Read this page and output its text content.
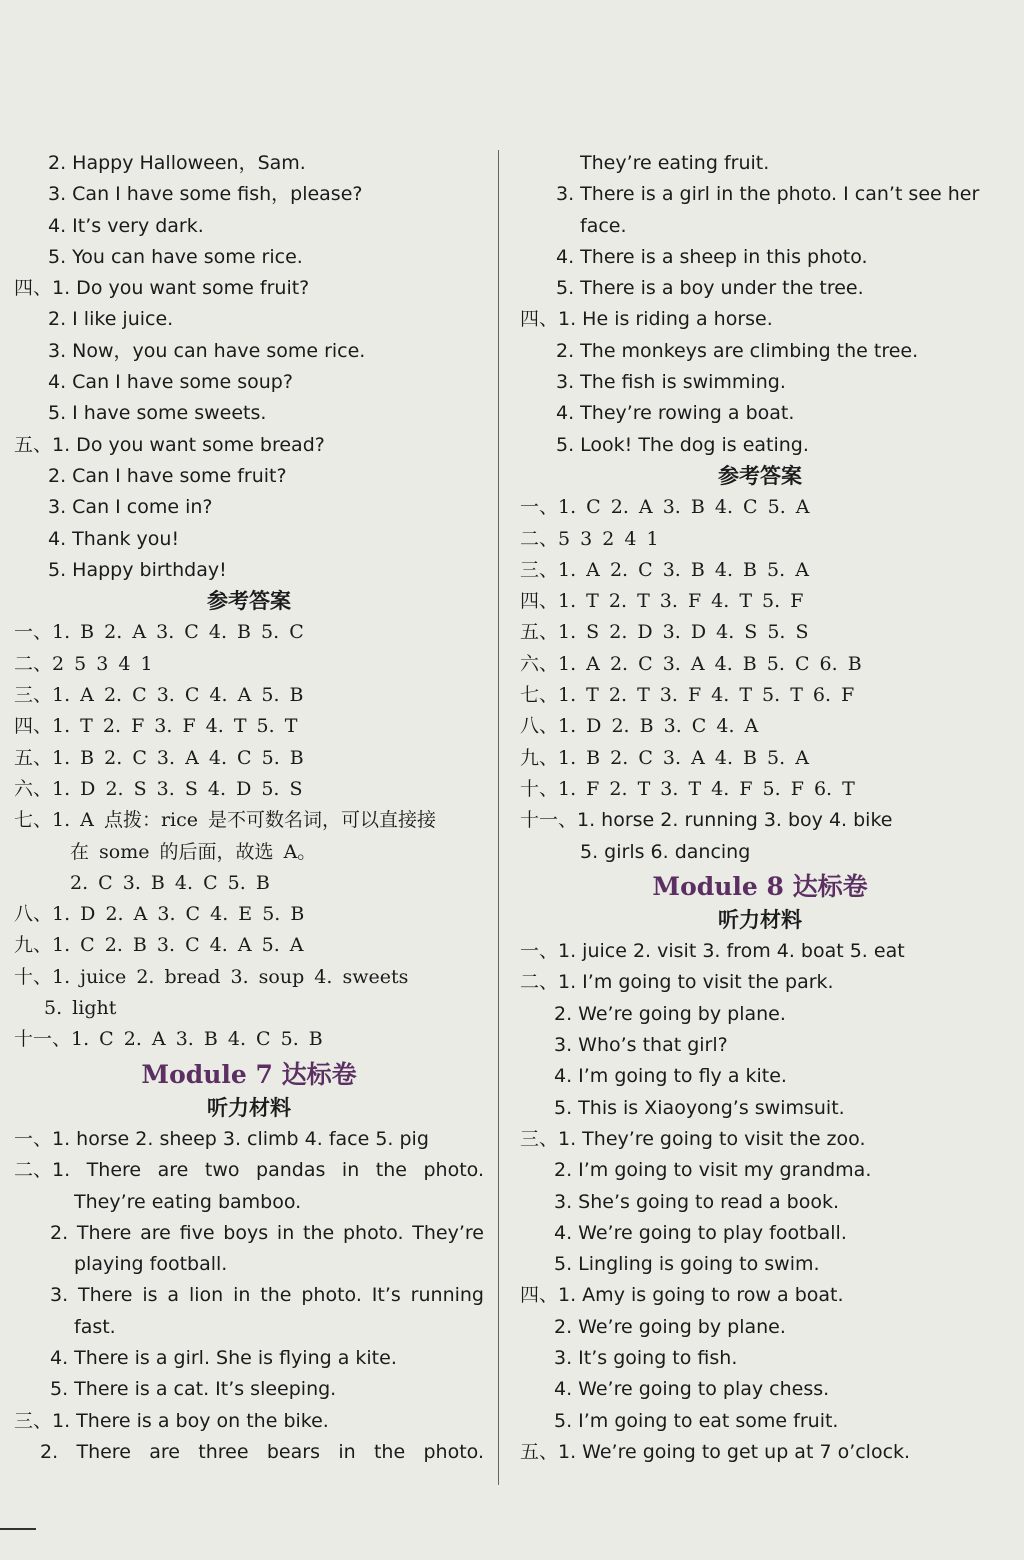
2. Happy Halloween，Sam.
3. Can I have some fish，please?
4. It’s very dark.
5. You can have some rice.
四、 1. Do you want some fruit?
2. I like juice.
3. Now，you can have some rice.
4. Can I have some soup?
5. I have some sweets.
五、 1. Do you want some bread?
2. Can I have some fruit?
3. Can I come in?
4. Thank you!
5. Happy birthday!
参考答案
一、 1. B 2. A 3. C 4. B 5. C
二、 2 5 3 4 1
三、 1. A 2. C 3. C 4. A 5. B
四、 1. T 2. F 3. F 4. T 5. T
五、 1. B 2. C 3. A 4. C 5. B
六、 1. D 2. S 3. S 4. D 5. S
七、 1. A 点拨：rice 是不可数名词，可以直接接
在 some 的后面，故选 A。
2. C 3. B 4. C 5. B
八、 1. D 2. A 3. C 4. E 5. B
九、 1. C 2. B 3. C 4. A 5. A
十、 1. juice 2. bread 3. soup 4. sweets
5. light
十一、 1. C 2. A 3. B 4. C 5. B
Module 7 达标卷
听力材料
一、 1. horse 2. sheep 3. climb 4. face 5. pig
二、 1. There are two pandas in the photo.
They’re eating bamboo.
2. There are five boys in the photo. They’re
playing football.
3. There is a lion in the photo. It’s running
fast.
4. There is a girl. She is flying a kite.
5. There is a cat. It’s sleeping.
三、 1. There is a boy on the bike.
2. There are three bears in the photo.
They’re eating fruit.
3. There is a girl in the photo. I can’t see her
face.
4. There is a sheep in this photo.
5. There is a boy under the tree.
四、 1. He is riding a horse.
2. The monkeys are climbing the tree.
3. The fish is swimming.
4. They’re rowing a boat.
5. Look! The dog is eating.
参考答案
一、 1. C 2. A 3. B 4. C 5. A
二、 5 3 2 4 1
三、 1. A 2. C 3. B 4. B 5. A
四、 1. T 2. T 3. F 4. T 5. F
五、 1. S 2. D 3. D 4. S 5. S
六、 1. A 2. C 3. A 4. B 5. C 6. B
七、 1. T 2. T 3. F 4. T 5. T 6. F
八、 1. D 2. B 3. C 4. A
九、 1. B 2. C 3. A 4. B 5. A
十、 1. F 2. T 3. T 4. F 5. F 6. T
十一、 1. horse 2. running 3. boy 4. bike
5. girls 6. dancing
Module 8 达标卷
听力材料
一、 1. juice 2. visit 3. from 4. boat 5. eat
二、 1. I’m going to visit the park.
2. We’re going by plane.
3. Who’s that girl?
4. I’m going to fly a kite.
5. This is Xiaoyong’s swimsuit.
三、 1. They’re going to visit the zoo.
2. I’m going to visit my grandma.
3. She’s going to read a book.
4. We’re going to play football.
5. Lingling is going to swim.
四、 1. Amy is going to row a boat.
2. We’re going by plane.
3. It’s going to fish.
4. We’re going to play chess.
5. I’m going to eat some fruit.
五、 1. We’re going to get up at 7 o’clock.
